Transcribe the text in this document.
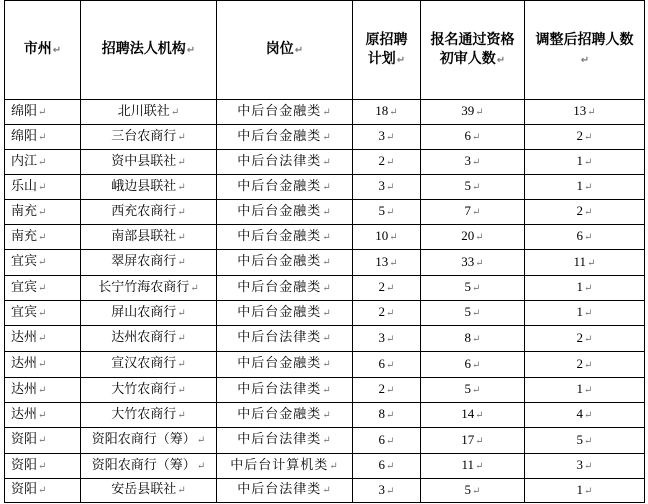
市州↵	招聘法人机构↵	岗位↵	原招聘计划↵	报名通过资格初审人数↵	调整后招聘人数↵
绵阳↵	北川联社↵	中后台金融类↵	18↵	39↵	13↵
绵阳↵	三台农商行↵	中后台金融类↵	3↵	6↵	2↵
内江↵	资中县联社↵	中后台法律类↵	2↵	3↵	1↵
乐山↵	峨边县联社↵	中后台金融类↵	3↵	5↵	1↵
南充↵	西充农商行↵	中后台金融类↵	5↵	7↵	2↵
南充↵	南部县联社↵	中后台金融类↵	10↵	20↵	6↵
宜宾↵	翠屏农商行↵	中后台金融类↵	13↵	33↵	11↵
宜宾↵	长宁竹海农商行↵	中后台金融类↵	2↵	5↵	1↵
宜宾↵	屏山农商行↵	中后台金融类↵	2↵	5↵	1↵
达州↵	达州农商行↵	中后台法律类↵	3↵	8↵	2↵
达州↵	宣汉农商行↵	中后台金融类↵	6↵	6↵	2↵
达州↵	大竹农商行↵	中后台法律类↵	2↵	5↵	1↵
达州↵	大竹农商行↵	中后台金融类↵	8↵	14↵	4↵
资阳↵	资阳农商行（筹）↵	中后台法律类↵	6↵	17↵	5↵
资阳↵	资阳农商行（筹）↵	中后台计算机类↵	6↵	11↵	3↵
资阳↵	安岳县联社↵	中后台法律类↵	3↵	5↵	1↵
